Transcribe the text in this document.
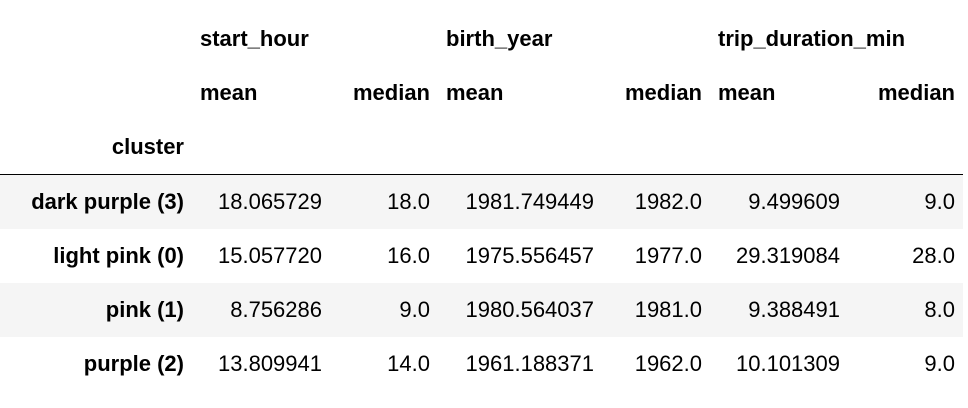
	start_hour		birth_year		trip_duration_min	
	mean	median	mean	median	mean	median
cluster						
dark purple (3)	18.065729	18.0	1981.749449	1982.0	9.499609	9.0
light pink (0)	15.057720	16.0	1975.556457	1977.0	29.319084	28.0
pink (1)	8.756286	9.0	1980.564037	1981.0	9.388491	8.0
purple (2)	13.809941	14.0	1961.188371	1962.0	10.101309	9.0
